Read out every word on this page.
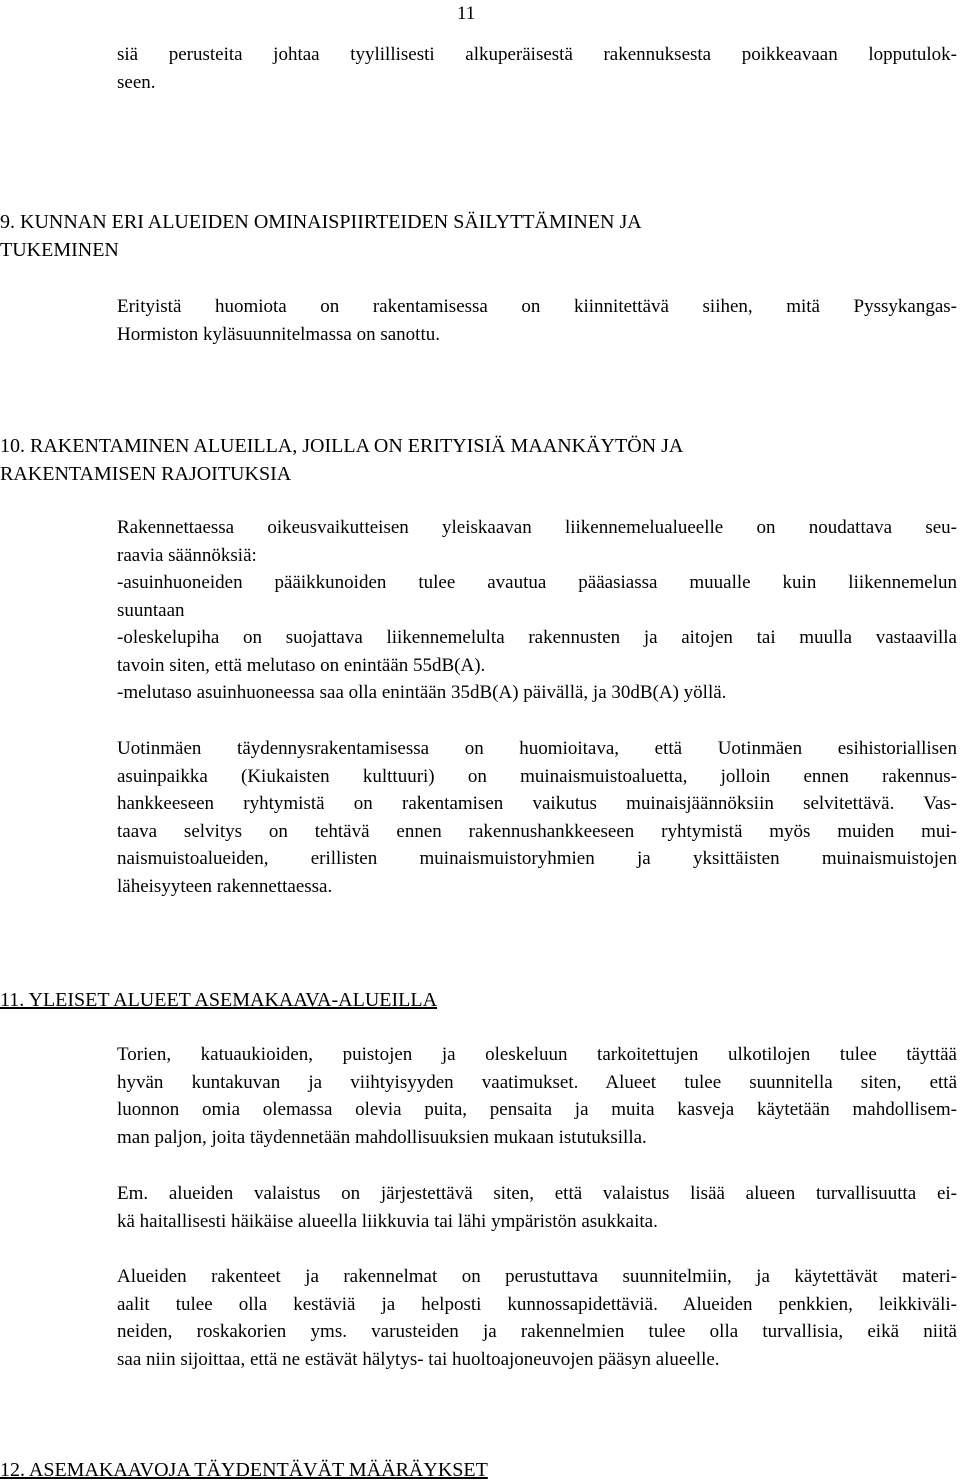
11
siä perusteita johtaa tyylillisesti alkuperäisestä rakennuksesta poikkeavaan lopputulok-
seen.
9. KUNNAN ERI ALUEIDEN OMINAISPIIRTEIDEN SÄILYTTÄMINEN JA
TUKEMINEN
Erityistä huomiota on rakentamisessa on kiinnitettävä siihen, mitä Pyssykangas-
Hormiston kyläsuunnitelmassa on sanottu.
10. RAKENTAMINEN ALUEILLA, JOILLA ON ERITYISIÄ MAANKÄYTÖN JA
RAKENTAMISEN RAJOITUKSIA
Rakennettaessa oikeusvaikutteisen yleiskaavan liikennemelualueelle on noudattava seu-
raavia säännöksiä:
-asuinhuoneiden pääikkunoiden tulee avautua pääasiassa muualle kuin liikennemelun
suuntaan
-oleskelupiha on suojattava liikennemelulta rakennusten ja aitojen tai muulla vastaavilla
tavoin siten, että melutaso on enintään 55dB(A).
-melutaso asuinhuoneessa saa olla enintään 35dB(A) päivällä, ja 30dB(A) yöllä.
Uotinmäen täydennysrakentamisessa on huomioitava, että Uotinmäen esihistoriallisen
asuinpaikka (Kiukaisten kulttuuri) on muinaismuistoaluetta, jolloin ennen rakennus-
hankkeeseen ryhtymistä on rakentamisen vaikutus muinaisjäännöksiin selvitettävä. Vas-
taava selvitys on tehtävä ennen rakennushankkeeseen ryhtymistä myös muiden mui-
naismuistoalueiden, erillisten muinaismuistoryhmien ja yksittäisten muinaismuistojen
läheisyyteen rakennettaessa.
11. YLEISET ALUEET ASEMAKAAVA-ALUEILLA
Torien, katuaukioiden, puistojen ja oleskeluun tarkoitettujen ulkotilojen tulee täyttää
hyvän kuntakuvan ja viihtyisyyden vaatimukset. Alueet tulee suunnitella siten, että
luonnon omia olemassa olevia puita, pensaita ja muita kasveja käytetään mahdollisem-
man paljon, joita täydennetään mahdollisuuksien mukaan istutuksilla.
Em. alueiden valaistus on järjestettävä siten, että valaistus lisää alueen turvallisuutta ei-
kä haitallisesti häikäise alueella liikkuvia tai lähi ympäristön asukkaita.
Alueiden rakenteet ja rakennelmat on perustuttava suunnitelmiin, ja käytettävät materi-
aalit tulee olla kestäviä ja helposti kunnossapidettäviä. Alueiden penkkien, leikkiväli-
neiden, roskakorien yms. varusteiden ja rakennelmien tulee olla turvallisia, eikä niitä
saa niin sijoittaa, että ne estävät hälytys- tai huoltoajoneuvojen pääsyn alueelle.
12. ASEMAKAAVOJA TÄYDENTÄVÄT MÄÄRÄYKSET
